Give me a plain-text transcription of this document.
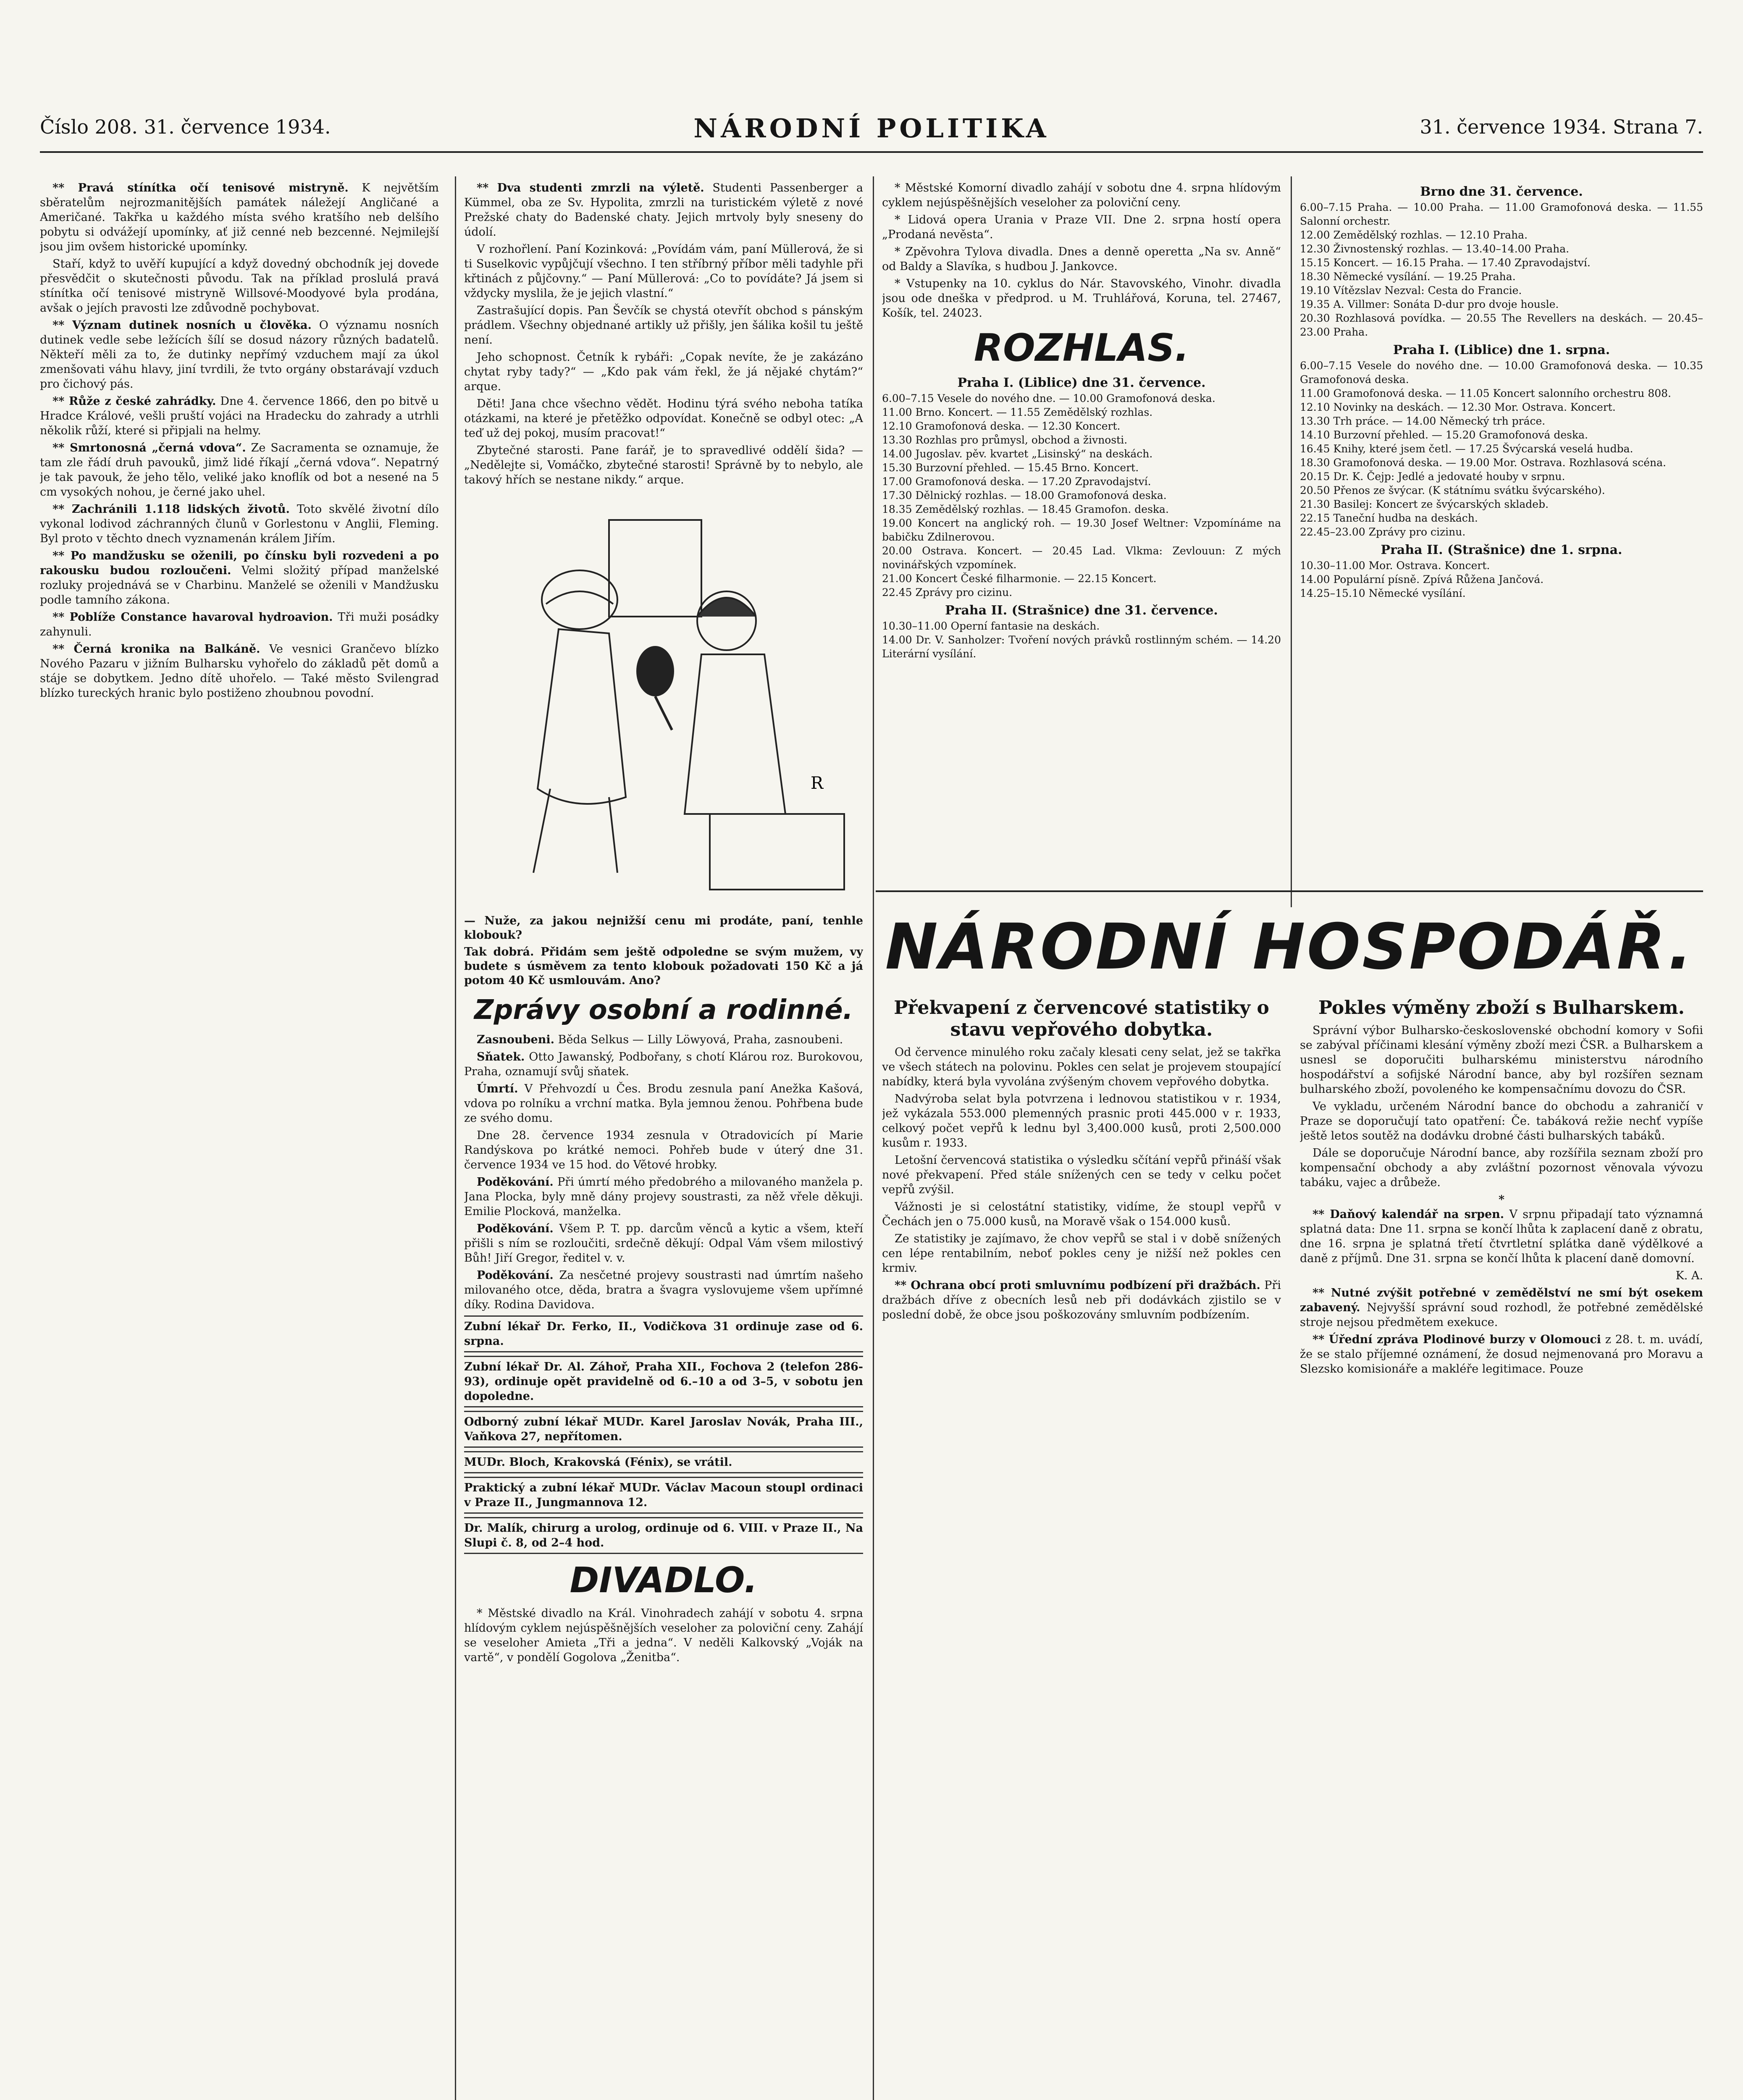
Číslo 208. 31. července 1934.	NÁRODNÍ POLITIKA	31. července 1934. Strana 7.

** Pravá stínítka očí tenisové mistryně. K největším sběratelům nejrozmanitějších památek náležejí Angličané a Američané. Takřka u každého místa svého kratšího neb delšího pobytu si odvážejí upomínky, ať již cenné neb bezcenné. Nejmilejší jsou jim ovšem historické upomínky.

Staří, když to uvěří kupující a když dovedný obchodník jej dovede přesvědčit o skutečnosti původu. Tak na příklad proslulá pravá stínítka očí tenisové mistryně Willsové-Moodyové byla prodána, avšak o jejích pravosti lze zdůvodně pochybovat.

** Význam dutinek nosních u člověka. O významu nosních dutinek vedle sebe ležících šílí se dosud názory různých badatelů. Někteří měli za to, že dutinky nepřímý vzduchem mají za úkol zmenšovati váhu hlavy, jiní tvrdili, že tvto orgány obstarávají vzduch pro čichový pás.

** Růže z české zahrádky. Dne 4. července 1866, den po bitvě u Hradce Králové, vešli pruští vojáci na Hradecku do zahrady a utrhli několik růží, které si připjali na helmy.

** Smrtonosná „černá vdova“. Ze Sacramenta se oznamuje, že tam zle řádí druh pavouků, jimž lidé říkají „černá vdova“. Nepatrný je tak pavouk, že jeho tělo, veliké jako knoflík od bot a nesené na 5 cm vysokých nohou, je černé jako uhel.

** Zachránili 1.118 lidských životů. Toto skvělé životní dílo vykonal lodivod záchranných člunů v Gorlestonu v Anglii, Fleming. Byl proto v těchto dnech vyznamenán králem Jiřím.

** Po mandžusku se oženili, po čínsku byli rozvedeni a po rakousku budou rozloučeni. Velmi složitý případ manželské rozluky projednává se v Charbinu. Manželé se oženili v Mandžusku podle tamního zákona.

** Poblíže Constance havaroval hydroavion. Tři muži posádky zahynuli.

** Černá kronika na Balkáně. Ve vesnici Grančevo blízko Nového Pazaru v jižním Bulharsku vyhořelo do základů pět domů a stáje se dobytkem. Jedno dítě uhořelo. — Také město Svilengrad blízko tureckých hranic bylo postiženo zhoubnou povodní.

** Dva studenti zmrzli na výletě. Studenti Passenberger a Kümmel, oba ze Sv. Hypolita, zmrzli na turistickém výletě z nové Prežské chaty do Badenské chaty. Jejich mrtvoly byly sneseny do údolí.

V rozhořlení. Paní Kozinková: „Povídám vám, paní Müllerová, že si ti Suselkovic vypůjčují všechno. I ten stříbrný příbor měli tadyhle při křtinách z půjčovny.“ — Paní Müllerová: „Co to povídáte? Já jsem si vždycky myslila, že je jejich vlastní.“

Zastrašující dopis. Pan Ševčík se chystá otevřít obchod s pánským prádlem. Všechny objednané artikly už přišly, jen šálika košil tu ještě není.

Jeho schopnost. Četník k rybáři: „Copak nevíte, že je zakázáno chytat ryby tady?“ — „Kdo pak vám řekl, že já nějaké chytám?“ arque.

Děti! Jana chce všechno vědět. Hodinu týrá svého neboha tatíka otázkami, na které je přetěžko odpovídat. Konečně se odbyl otec: „A teď už dej pokoj, musím pracovat!“

Zbytečné starosti. Pane farář, je to spravedlivé oddělí šida? — „Nedělejte si, Vomáčko, zbytečné starosti! Správně by to nebylo, ale takový hřích se nestane nikdy.“ arque.

R
— Nuže, za jakou nejnižší cenu mi prodáte, paní, tenhle klobouk?
Tak dobrá. Přidám sem ještě odpoledne se svým mužem, vy budete s úsměvem za tento klobouk požadovati 150 Kč a já potom 40 Kč usmlouvám. Ano?
Zprávy osobní a rodinné.

Zasnoubeni. Běda Selkus — Lilly Löwyová, Praha, zasnoubeni.

Sňatek. Otto Jawanský, Podbořany, s chotí Klárou roz. Burokovou, Praha, oznamují svůj sňatek.

Úmrtí. V Přehvozdí u Čes. Brodu zesnula paní Anežka Kašová, vdova po rolníku a vrchní matka. Byla jemnou ženou. Pohřbena bude ze svého domu.

Dne 28. července 1934 zesnula v Otradovicích pí Marie Randýskova po krátké nemoci. Pohřeb bude v úterý dne 31. července 1934 ve 15 hod. do Větové hrobky.

Poděkování. Při úmrtí mého předobrého a milovaného manžela p. Jana Plocka, byly mně dány projevy soustrasti, za něž vřele děkuji. Emilie Plocková, manželka.

Poděkování. Všem P. T. pp. darcům věnců a kytic a všem, kteří přišli s ním se rozloučiti, srdečně děkují: Odpal Vám všem milostivý Bůh! Jiří Gregor, ředitel v. v.

Poděkování. Za nesčetné projevy soustrasti nad úmrtím našeho milovaného otce, děda, bratra a švagra vyslovujeme všem upřímné díky. Rodina Davidova.

Zubní lékař Dr. Ferko, II., Vodičkova 31 ordinuje zase od 6. srpna.
Zubní lékař Dr. Al. Záhoř, Praha XII., Fochova 2 (telefon 286-93), ordinuje opět pravidelně od 6.–10 a od 3–5, v sobotu jen dopoledne.
Odborný zubní lékař MUDr. Karel Jaroslav Novák, Praha III., Vaňkova 27, nepřítomen.
MUDr. Bloch, Krakovská (Fénix), se vrátil.
Praktický a zubní lékař MUDr. Václav Macoun stoupl ordinaci v Praze II., Jungmannova 12.
Dr. Malík, chirurg a urolog, ordinuje od 6. VIII. v Praze II., Na Slupi č. 8, od 2–4 hod.
DIVADLO.

* Městské divadlo na Král. Vinohradech zahájí v sobotu 4. srpna hlídovým cyklem nejúspěšnějších veseloher za poloviční ceny. Zahájí se veseloher Amieta „Tři a jedna“. V neděli Kalkovský „Voják na vartě“, v pondělí Gogolova „Ženitba“.

* Městské Komorní divadlo zahájí v sobotu dne 4. srpna hlídovým cyklem nejúspěšnějších veseloher za poloviční ceny.

* Lidová opera Urania v Praze VII. Dne 2. srpna hostí opera „Prodaná nevěsta“.

* Zpěvohra Tylova divadla. Dnes a denně operetta „Na sv. Anně“ od Baldy a Slavíka, s hudbou J. Jankovce.

* Vstupenky na 10. cyklus do Nár. Stavovského, Vinohr. divadla jsou ode dneška v předprod. u M. Truhlářová, Koruna, tel. 27467, Košík, tel. 24023.

ROZHLAS.
Praha I. (Liblice) dne 31. července.
6.00–7.15 Vesele do nového dne. — 10.00 Gramofonová deska.
11.00 Brno. Koncert. — 11.55 Zemědělský rozhlas.
12.10 Gramofonová deska. — 12.30 Koncert.
13.30 Rozhlas pro průmysl, obchod a živnosti.
14.00 Jugoslav. pěv. kvartet „Lisinský“ na deskách.
15.30 Burzovní přehled. — 15.45 Brno. Koncert.
17.00 Gramofonová deska. — 17.20 Zpravodajství.
17.30 Dělnický rozhlas. — 18.00 Gramofonová deska.
18.35 Zemědělský rozhlas. — 18.45 Gramofon. deska.
19.00 Koncert na anglický roh. — 19.30 Josef Weltner: Vzpomínáme na babičku Zdilnerovou.
20.00 Ostrava. Koncert. — 20.45 Lad. Vlkma: Zevlouun: Z mých novinářských vzpomínek.
21.00 Koncert České filharmonie. — 22.15 Koncert.
22.45 Zprávy pro cizinu.
Praha II. (Strašnice) dne 31. července.
10.30–11.00 Operní fantasie na deskách.
14.00 Dr. V. Sanholzer: Tvoření nových právků rostlinným schém. — 14.20 Literární vysílání.
Brno dne 31. července.
6.00–7.15 Praha. — 10.00 Praha. — 11.00 Gramofonová deska. — 11.55 Salonní orchestr.
12.00 Zemědělský rozhlas. — 12.10 Praha.
12.30 Živnostenský rozhlas. — 13.40–14.00 Praha.
15.15 Koncert. — 16.15 Praha. — 17.40 Zpravodajství.
18.30 Německé vysílání. — 19.25 Praha.
19.10 Vítězslav Nezval: Cesta do Francie.
19.35 A. Villmer: Sonáta D-dur pro dvoje housle.
20.30 Rozhlasová povídka. — 20.55 The Revellers na deskách. — 20.45–23.00 Praha.
Praha I. (Liblice) dne 1. srpna.
6.00–7.15 Vesele do nového dne. — 10.00 Gramofonová deska. — 10.35 Gramofonová deska.
11.00 Gramofonová deska. — 11.05 Koncert salonního orchestru 808.
12.10 Novinky na deskách. — 12.30 Mor. Ostrava. Koncert.
13.30 Trh práce. — 14.00 Německý trh práce.
14.10 Burzovní přehled. — 15.20 Gramofonová deska.
16.45 Knihy, které jsem četl. — 17.25 Švýcarská veselá hudba.
18.30 Gramofonová deska. — 19.00 Mor. Ostrava. Rozhlasová scéna.
20.15 Dr. K. Čejp: Jedlé a jedovaté houby v srpnu.
20.50 Přenos ze švýcar. (K státnímu svátku švýcarského).
21.30 Basilej: Koncert ze švýcarských skladeb.
22.15 Taneční hudba na deskách.
22.45–23.00 Zprávy pro cizinu.
Praha II. (Strašnice) dne 1. srpna.
10.30–11.00 Mor. Ostrava. Koncert.
14.00 Populární písně. Zpívá Růžena Jančová.
14.25–15.10 Německé vysílání.
NÁRODNÍ HOSPODÁŘ.
Překvapení z červencové statistiky o stavu vepřového dobytka.

Od července minulého roku začaly klesati ceny selat, jež se takřka ve všech státech na polovinu. Pokles cen selat je projevem stoupající nabídky, která byla vyvolána zvýšeným chovem vepřového dobytka.

Nadvýroba selat byla potvrzena i lednovou statistikou v r. 1934, jež vykázala 553.000 plemenných prasnic proti 445.000 v r. 1933, celkový počet vepřů k lednu byl 3,400.000 kusů, proti 2,500.000 kusům r. 1933.

Letošní červencová statistika o výsledku sčítání vepřů přináší však nové překvapení. Před stále snížených cen se tedy v celku počet vepřů zvýšil.

Vážnosti je si celostátní statistiky, vidíme, že stoupl vepřů v Čechách jen o 75.000 kusů, na Moravě však o 154.000 kusů.

Ze statistiky je zajímavo, že chov vepřů se stal i v době snížených cen lépe rentabilním, neboť pokles ceny je nižší než pokles cen krmiv.

** Ochrana obcí proti smluvnímu podbízení při dražbách. Při dražbách dříve z obecních lesů neb při dodávkách zjistilo se v poslední době, že obce jsou poškozovány smluvním podbízením.

Pokles výměny zboží s Bulharskem.

Správní výbor Bulharsko-československé obchodní komory v Sofii se zabýval příčinami klesání výměny zboží mezi ČSR. a Bulharskem a usnesl se doporučiti bulharskému ministerstvu národního hospodářství a sofijské Národní bance, aby byl rozšířen seznam bulharského zboží, povoleného ke kompensačnímu dovozu do ČSR.

Ve vykladu, určeném Národní bance do obchodu a zahraničí v Praze se doporučují tato opatření: Če. tabáková režie nechť vypíše ještě letos soutěž na dodávku drobné části bulharských tabáků.

Dále se doporučuje Národní bance, aby rozšířila seznam zboží pro kompensační obchody a aby zvláštní pozornost věnovala vývozu tabáku, vajec a drůbeže.

*

** Daňový kalendář na srpen. V srpnu připadají tato významná splatná data: Dne 11. srpna se končí lhůta k zaplacení daně z obratu, dne 16. srpna je splatná třetí čtvrtletní splátka daně výdělkové a daně z příjmů. Dne 31. srpna se končí lhůta k placení daně domovní.

K. A.

** Nutné zvýšit potřebné v zemědělství ne smí být osekem zabavený. Nejvyšší správní soud rozhodl, že potřebné zemědělské stroje nejsou předmětem exekuce.

** Úřední zpráva Plodinové burzy v Olomouci z 28. t. m. uvádí, že se stalo příjemné oznámení, že dosud nejmenovaná pro Moravu a Slezsko komisionáře a makléře legitimace. Pouze
